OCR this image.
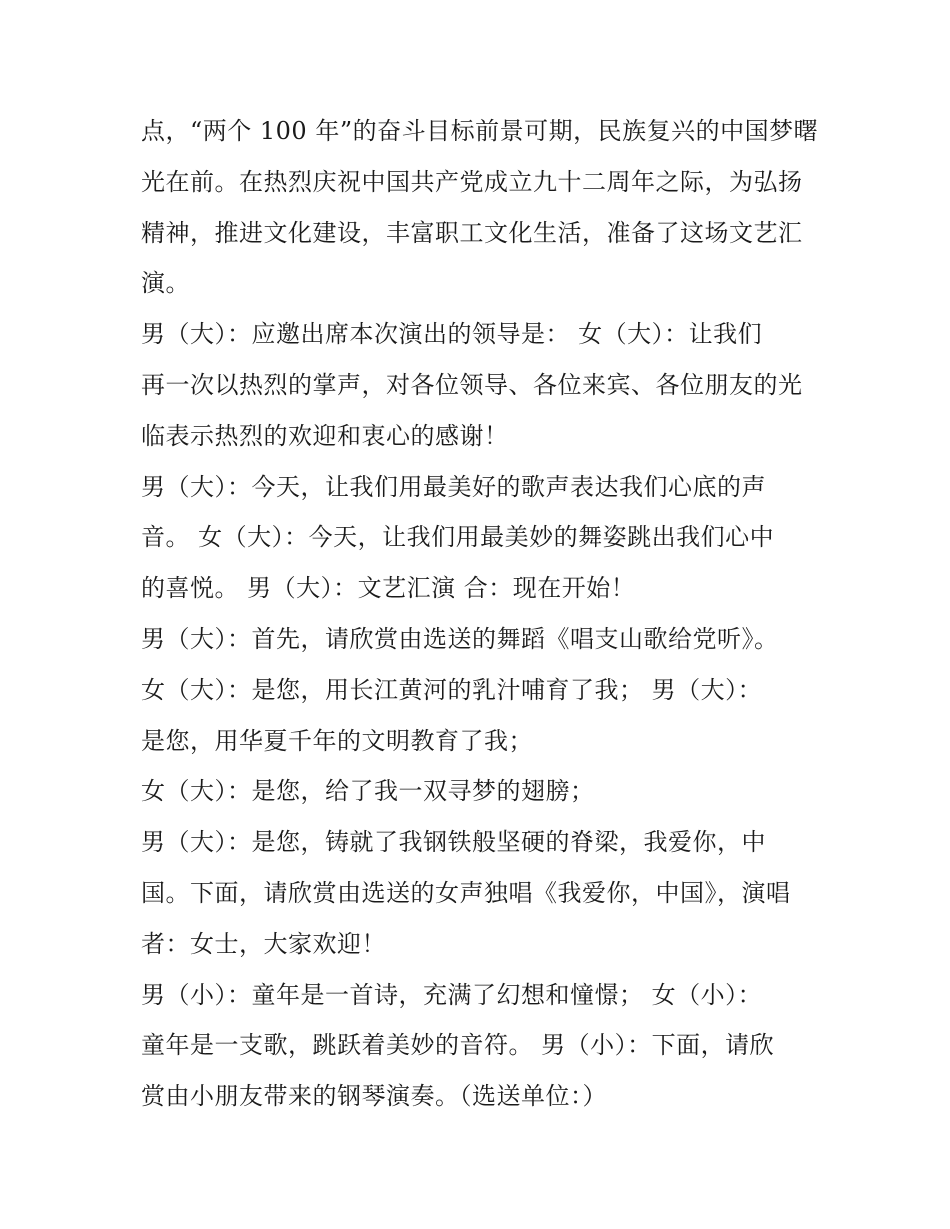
点，“两个 100 年”的奋斗目标前景可期，民族复兴的中国梦曙
光在前。在热烈庆祝中国共产党成立九十二周年之际，为弘扬
精神，推进文化建设，丰富职工文化生活，准备了这场文艺汇
演。
男（大）：应邀出席本次演出的领导是： 女（大）：让我们
再一次以热烈的掌声，对各位领导、各位来宾、各位朋友的光
临表示热烈的欢迎和衷心的感谢！
男（大）：今天，让我们用最美好的歌声表达我们心底的声
音。 女（大）：今天，让我们用最美妙的舞姿跳出我们心中
的喜悦。 男（大）：文艺汇演 合：现在开始！
男（大）：首先，请欣赏由选送的舞蹈《唱支山歌给党听》。
女（大）：是您，用长江黄河的乳汁哺育了我； 男（大）：
是您，用华夏千年的文明教育了我；
女（大）：是您，给了我一双寻梦的翅膀；
男（大）：是您，铸就了我钢铁般坚硬的脊梁，我爱你，中
国。下面，请欣赏由选送的女声独唱《我爱你，中国》，演唱
者：女士，大家欢迎！
男（小）：童年是一首诗，充满了幻想和憧憬； 女（小）：
童年是一支歌，跳跃着美妙的音符。 男（小）：下面，请欣
赏由小朋友带来的钢琴演奏。（选送单位：）
